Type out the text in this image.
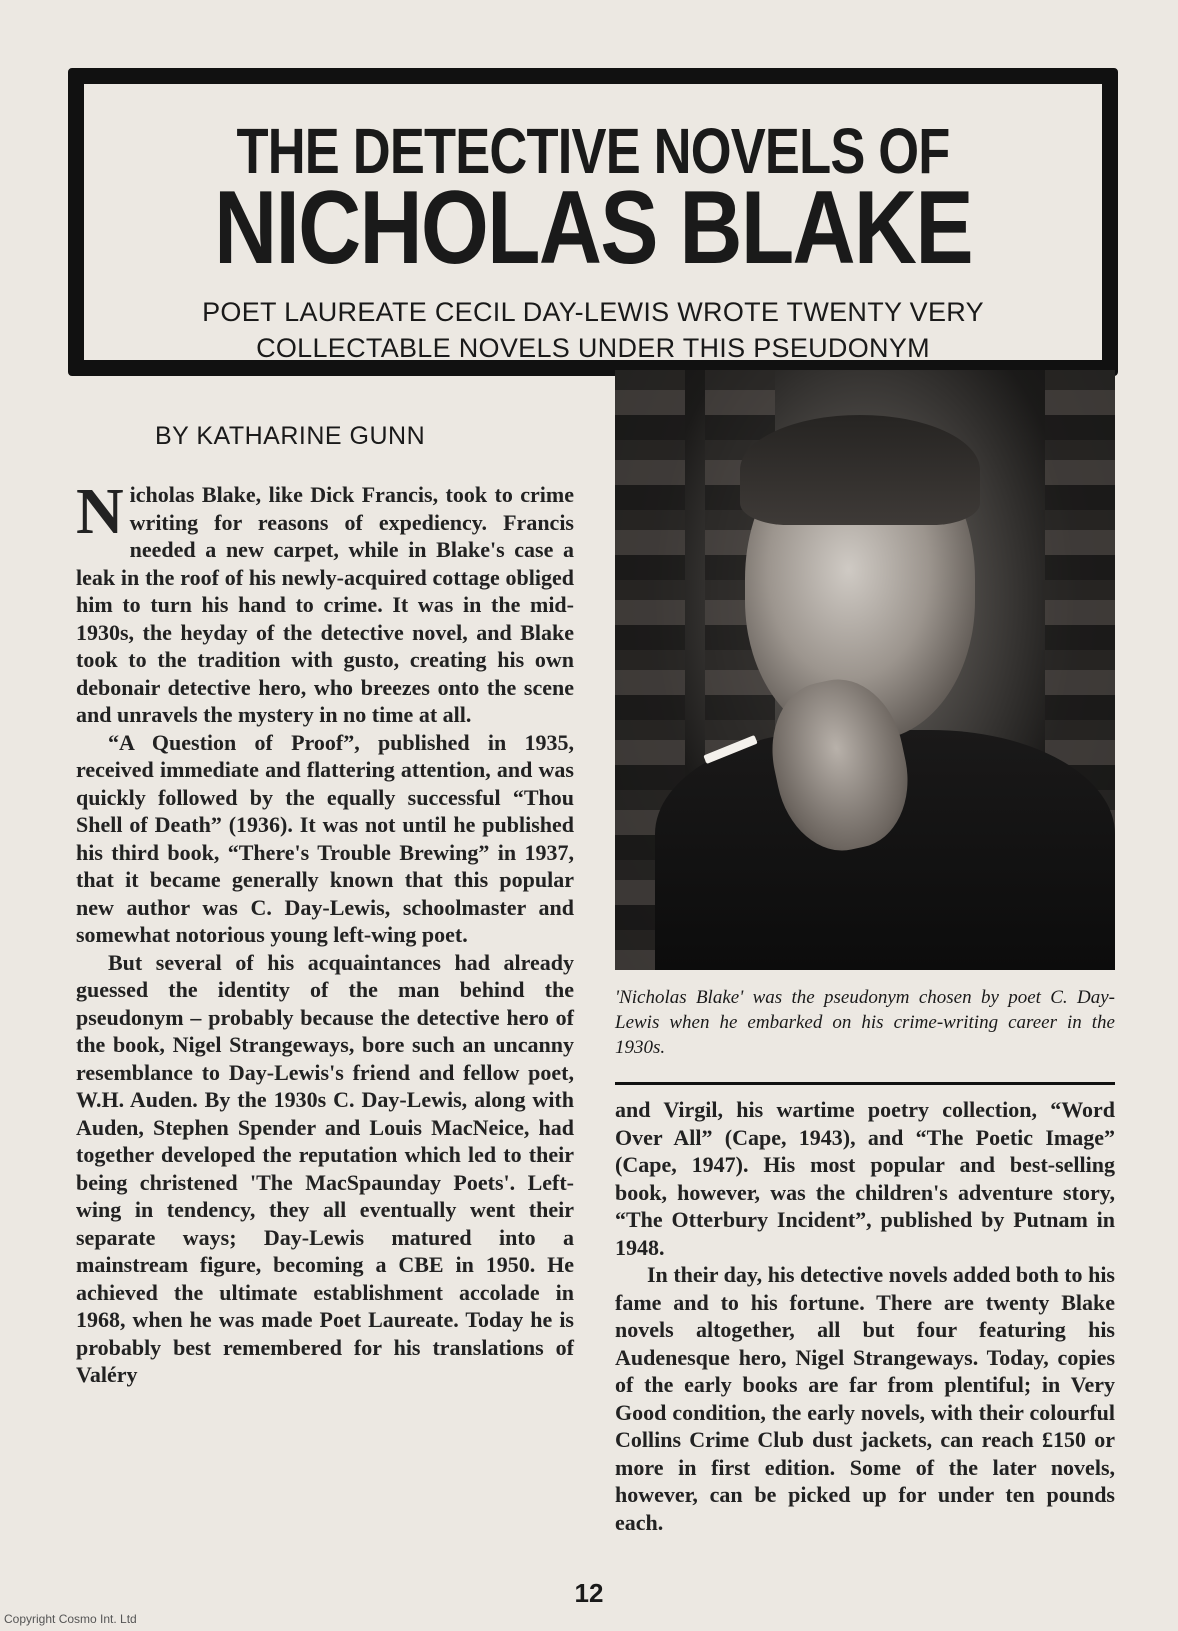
THE DETECTIVE NOVELS OF
NICHOLAS BLAKE
POET LAUREATE CECIL DAY-LEWIS WROTE TWENTY VERY
COLLECTABLE NOVELS UNDER THIS PSEUDONYM
'Nicholas Blake' was the pseudonym chosen by poet C. Day-Lewis when he embarked on his crime-writing career in the 1930s.
BY KATHARINE GUNN

Nicholas Blake, like Dick Francis, took to crime writing for reasons of expediency. Francis needed a new carpet, while in Blake's case a leak in the roof of his newly-acquired cottage obliged him to turn his hand to crime. It was in the mid-1930s, the heyday of the detective novel, and Blake took to the tradition with gusto, creating his own debonair detective hero, who breezes onto the scene and unravels the mystery in no time at all.

“A Question of Proof”, published in 1935, received immediate and flattering attention, and was quickly followed by the equally successful “Thou Shell of Death” (1936). It was not until he published his third book, “There's Trouble Brewing” in 1937, that it became generally known that this popular new author was C. Day-Lewis, schoolmaster and somewhat notorious young left-wing poet.

But several of his acquaintances had already guessed the identity of the man behind the pseudonym – probably because the detective hero of the book, Nigel Strangeways, bore such an uncanny resemblance to Day-Lewis's friend and fellow poet, W.H. Auden. By the 1930s C. Day-Lewis, along with Auden, Stephen Spender and Louis MacNeice, had together developed the reputation which led to their being christened 'The MacSpaunday Poets'. Left-wing in tendency, they all eventually went their separate ways; Day-Lewis matured into a mainstream figure, becoming a CBE in 1950. He achieved the ultimate establishment accolade in 1968, when he was made Poet Laureate. Today he is probably best remembered for his translations of Valéry

and Virgil, his wartime poetry collection, “Word Over All” (Cape, 1943), and “The Poetic Image” (Cape, 1947). His most popular and best-selling book, however, was the children's adventure story, “The Otterbury Incident”, published by Putnam in 1948.

In their day, his detective novels added both to his fame and to his fortune. There are twenty Blake novels altogether, all but four featuring his Audenesque hero, Nigel Strangeways. Today, copies of the early books are far from plentiful; in Very Good condition, the early novels, with their colourful Collins Crime Club dust jackets, can reach £150 or more in first edition. Some of the later novels, however, can be picked up for under ten pounds each.

12
Copyright Cosmo Int. Ltd
